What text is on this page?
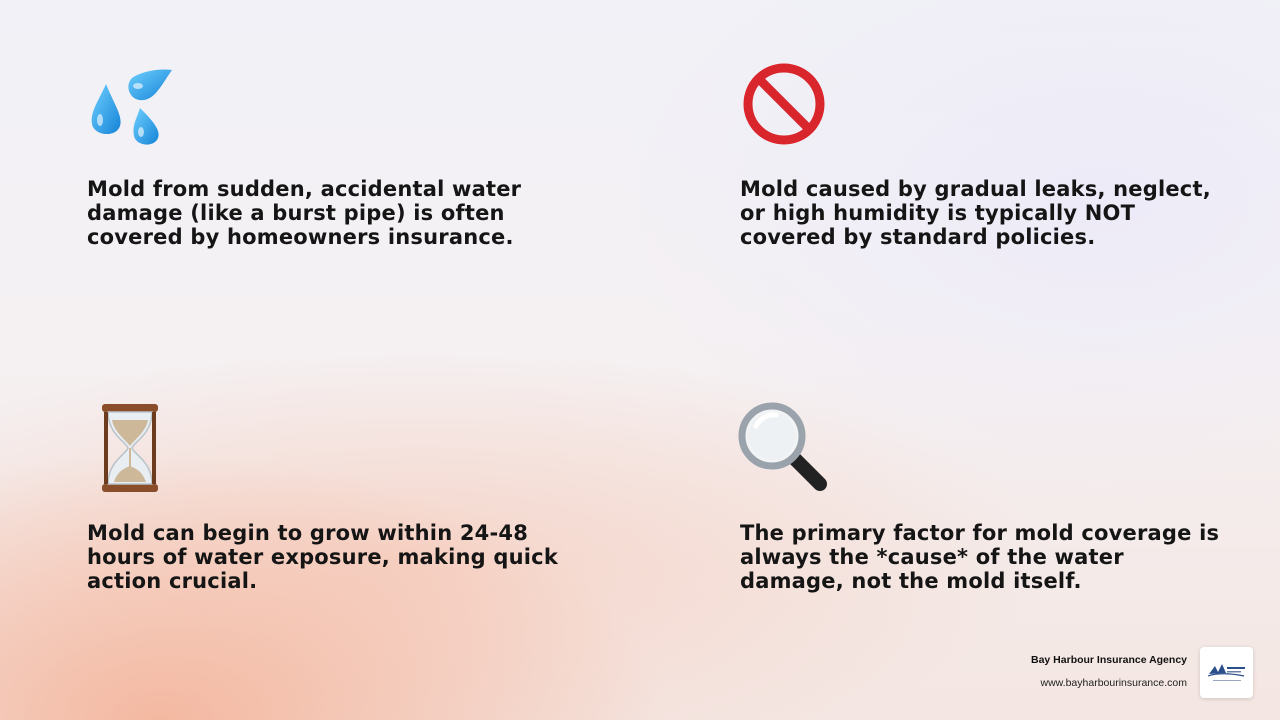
Mold from sudden, accidental water damage (like a burst pipe) is often covered by homeowners insurance.

Mold caused by gradual leaks, neglect, or high humidity is typically NOT covered by standard policies.

Mold can begin to grow within 24-48 hours of water exposure, making quick action crucial.

The primary factor for mold coverage is always the *cause* of the water damage, not the mold itself.

Bay Harbour Insurance Agency
www.bayharbourinsurance.com
